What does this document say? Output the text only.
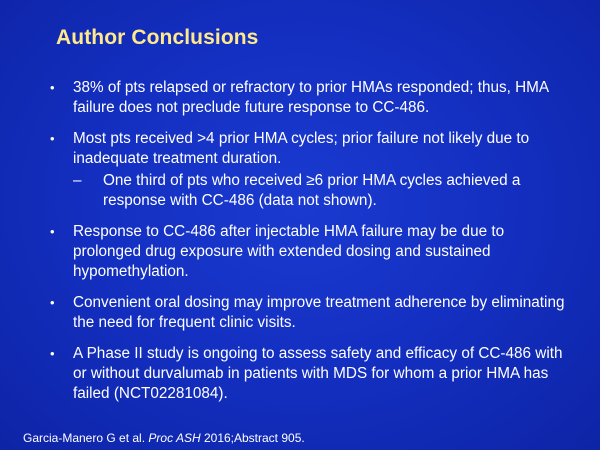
Author Conclusions
• 38% of pts relapsed or refractory to prior HMAs responded; thus, HMA failure does not preclude future response to CC-486.
• Most pts received >4 prior HMA cycles; prior failure not likely due to inadequate treatment duration.
– One third of pts who received ≥6 prior HMA cycles achieved a response with CC-486 (data not shown).
• Response to CC-486 after injectable HMA failure may be due to prolonged drug exposure with extended dosing and sustained hypomethylation.
• Convenient oral dosing may improve treatment adherence by eliminating the need for frequent clinic visits.
• A Phase II study is ongoing to assess safety and efficacy of CC-486 with or without durvalumab in patients with MDS for whom a prior HMA has failed (NCT02281084).
Garcia-Manero G et al. Proc ASH 2016;Abstract 905.
